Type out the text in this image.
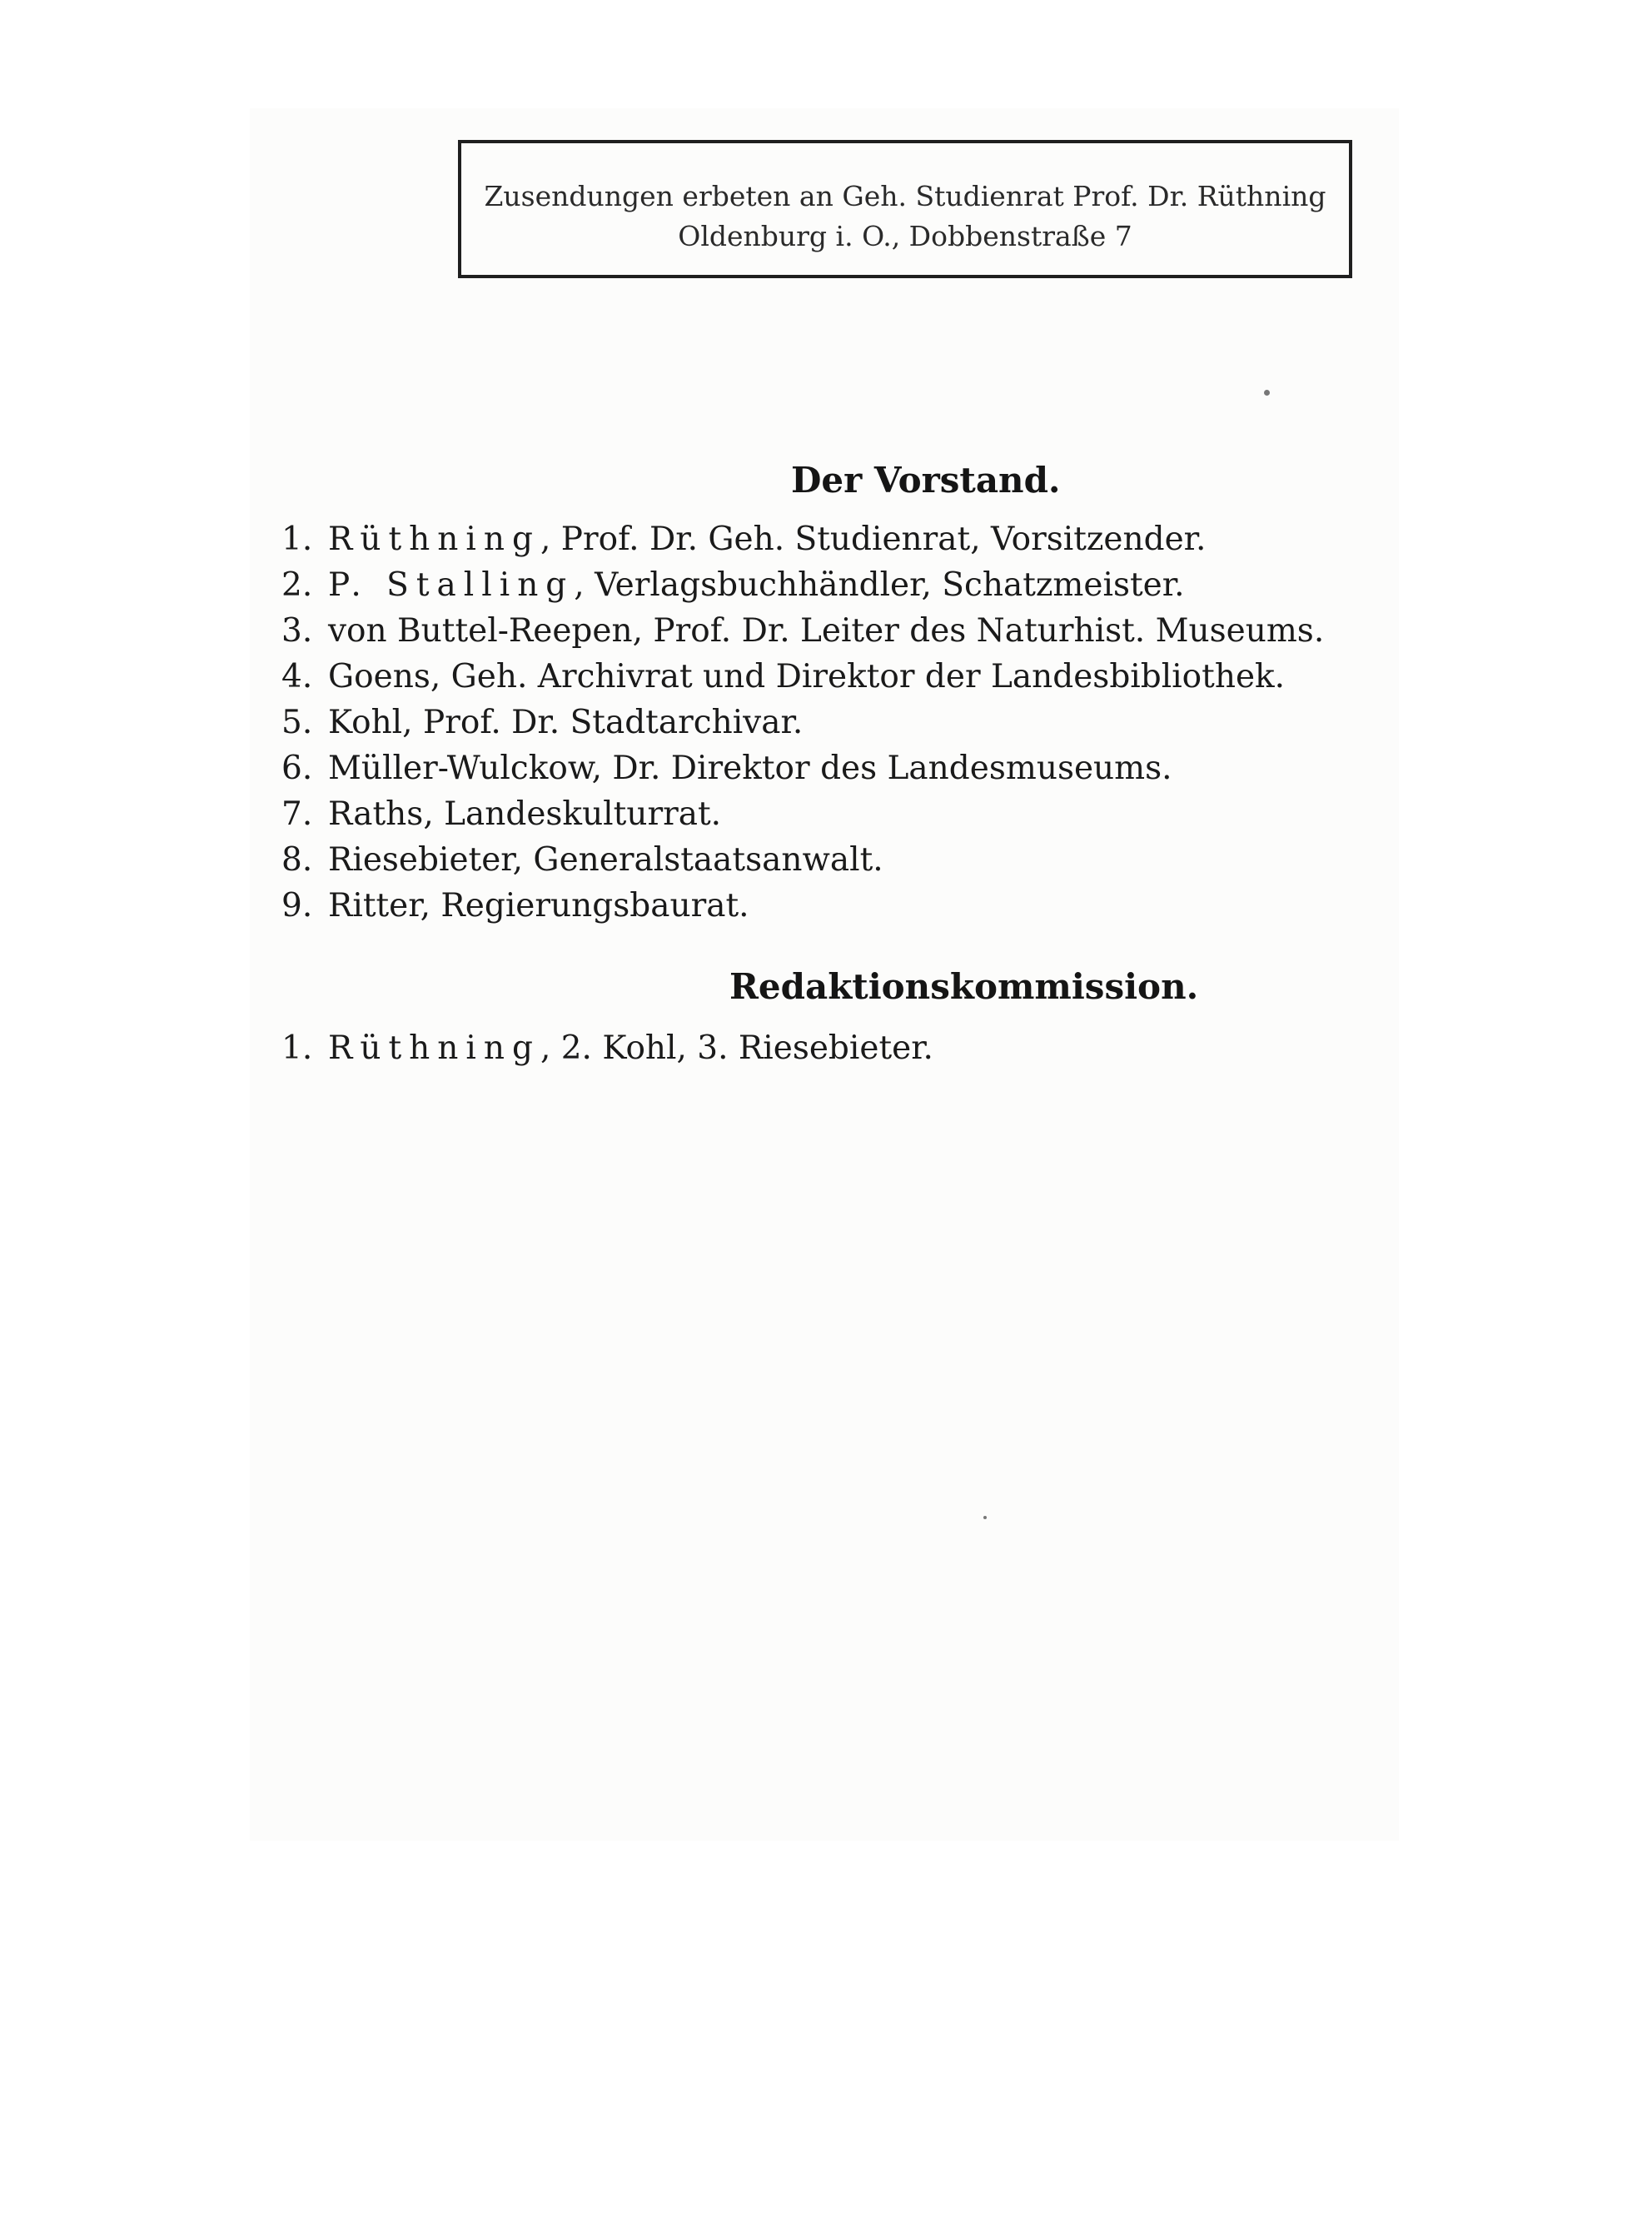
Zusendungen erbeten an Geh. Studienrat Prof. Dr. Rüthning
Oldenburg i. O., Dobbenstraße 7
Der Vorstand.
1. Rüthning, Prof. Dr. Geh. Studienrat, Vorsitzender.
2. P. Stalling, Verlagsbuchhändler, Schatzmeister.
3. von Buttel-Reepen, Prof. Dr. Leiter des Naturhist. Museums.
4. Goens, Geh. Archivrat und Direktor der Landesbibliothek.
5. Kohl, Prof. Dr. Stadtarchivar.
6. Müller-Wulckow, Dr. Direktor des Landesmuseums.
7. Raths, Landeskulturrat.
8. Riesebieter, Generalstaatsanwalt.
9. Ritter, Regierungsbaurat.
Redaktionskommission.
1. Rüthning, 2. Kohl, 3. Riesebieter.
